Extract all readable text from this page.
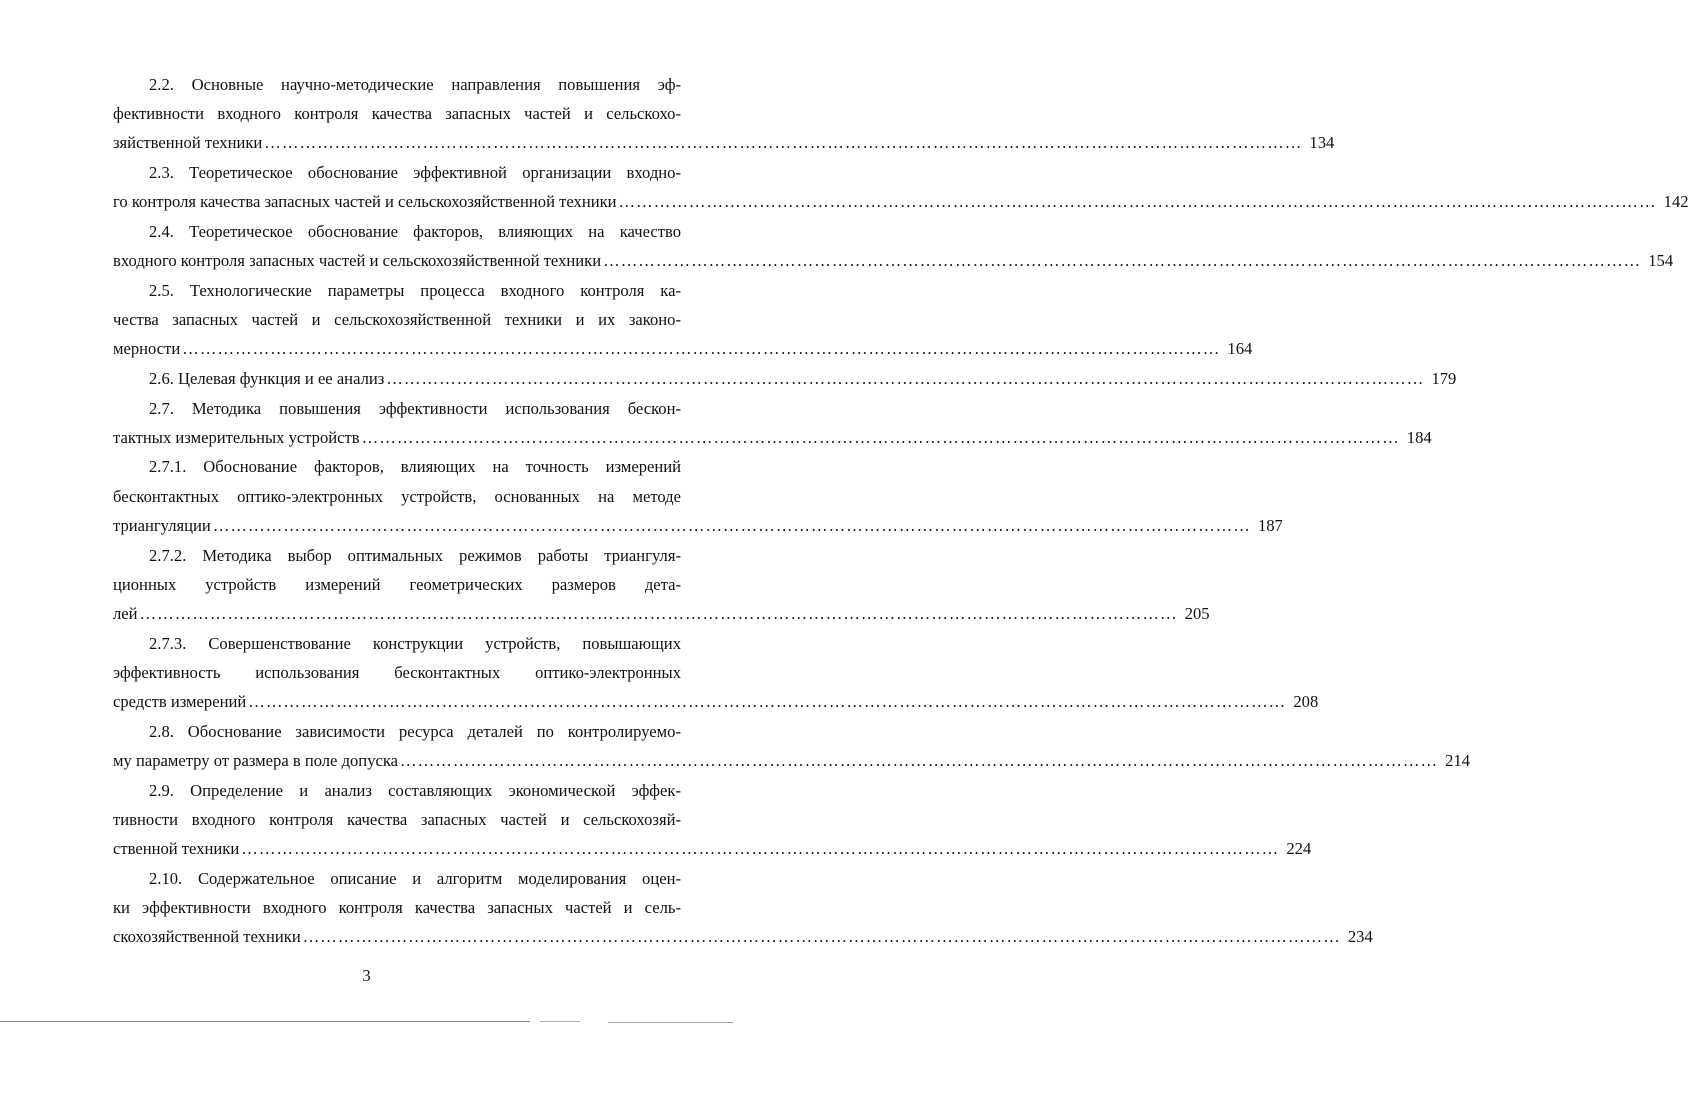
2.2. Основные научно-методические направления повышения эф-
фективности входного контроля качества запасных частей и сельскохо-
зяйственной техники …………………………………………………………………………………………………………………………………………………………… 134
2.3. Теоретическое обоснование эффективной организации входно-
го контроля качества запасных частей и сельскохозяйственной техники …………………………………………………………………………………………………………………………………………………………… 142
2.4. Теоретическое обоснование факторов, влияющих на качество
входного контроля запасных частей и сельскохозяйственной техники …………………………………………………………………………………………………………………………………………………………… 154
2.5. Технологические параметры процесса входного контроля ка-
чества запасных частей и сельскохозяйственной техники и их законо-
мерности …………………………………………………………………………………………………………………………………………………………… 164
2.6. Целевая функция и ее анализ …………………………………………………………………………………………………………………………………………………………… 179
2.7. Методика повышения эффективности использования бескон-
тактных измерительных устройств …………………………………………………………………………………………………………………………………………………………… 184
2.7.1. Обоснование факторов, влияющих на точность измерений
бесконтактных оптико-электронных устройств, основанных на методе
триангуляции …………………………………………………………………………………………………………………………………………………………… 187
2.7.2. Методика выбор оптимальных режимов работы триангуля-
ционных устройств измерений геометрических размеров дета-
лей …………………………………………………………………………………………………………………………………………………………… 205
2.7.3. Совершенствование конструкции устройств, повышающих
эффективность использования бесконтактных оптико-электронных
средств измерений …………………………………………………………………………………………………………………………………………………………… 208
2.8. Обоснование зависимости ресурса деталей по контролируемо-
му параметру от размера в поле допуска …………………………………………………………………………………………………………………………………………………………… 214
2.9. Определение и анализ составляющих экономической эффек-
тивности входного контроля качества запасных частей и сельскохозяй-
ственной техники …………………………………………………………………………………………………………………………………………………………… 224
2.10. Содержательное описание и алгоритм моделирования оцен-
ки эффективности входного контроля качества запасных частей и сель-
скохозяйственной техники …………………………………………………………………………………………………………………………………………………………… 234
3
